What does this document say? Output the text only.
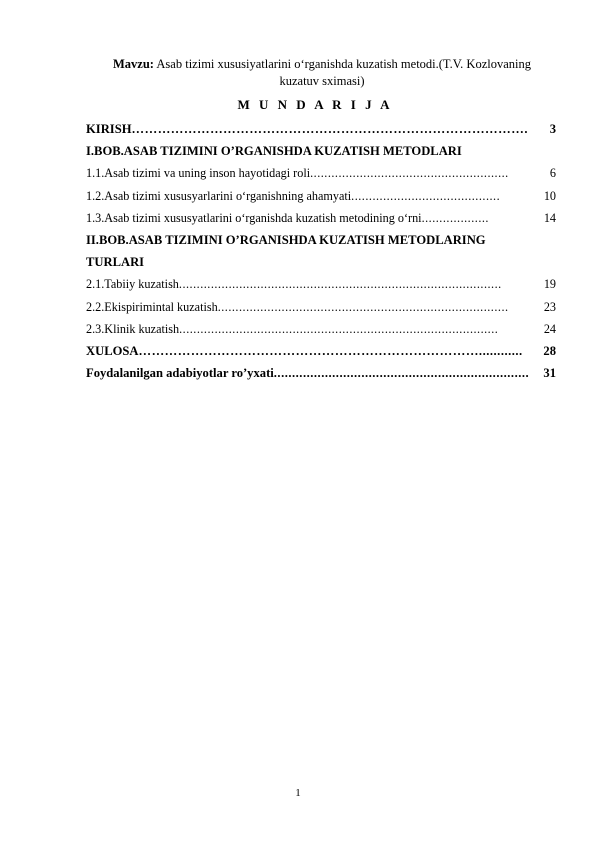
Mavzu: Asab tizimi xususiyatlarini o‘rganishda kuzatish metodi.(T.V. Kozlovaning kuzatuv sximasi)
M U N D A R I J A
KIRISH ……………………………………………………………………………….	3
I.BOB.ASAB TIZIMINI O’RGANISHDA KUZATISH METODLARI
1.1.Asab tizimi va uning inson hayotidagi roli ........................................................	6
1.2.Asab tizimi xususyarlarini o‘rganishning ahamyati ..........................................	10
1.3.Asab tizimi xususyatlarini o‘rganishda kuzatish metodining o‘rni ...................	14
II.BOB.ASAB TIZIMINI O’RGANISHDA KUZATISH METODLARING
TURLARI
2.1.Tabiiy kuzatish ...........................................................................................	19
2.2.Ekispirimintal kuzatish ..................................................................................	23
2.3.Klinik kuzatish ..........................................................................................	24
XULOSA ……………………………………………………………………............	28
Foydalanilgan adabiyotlar ro’yxati ......................................................................	31
1
